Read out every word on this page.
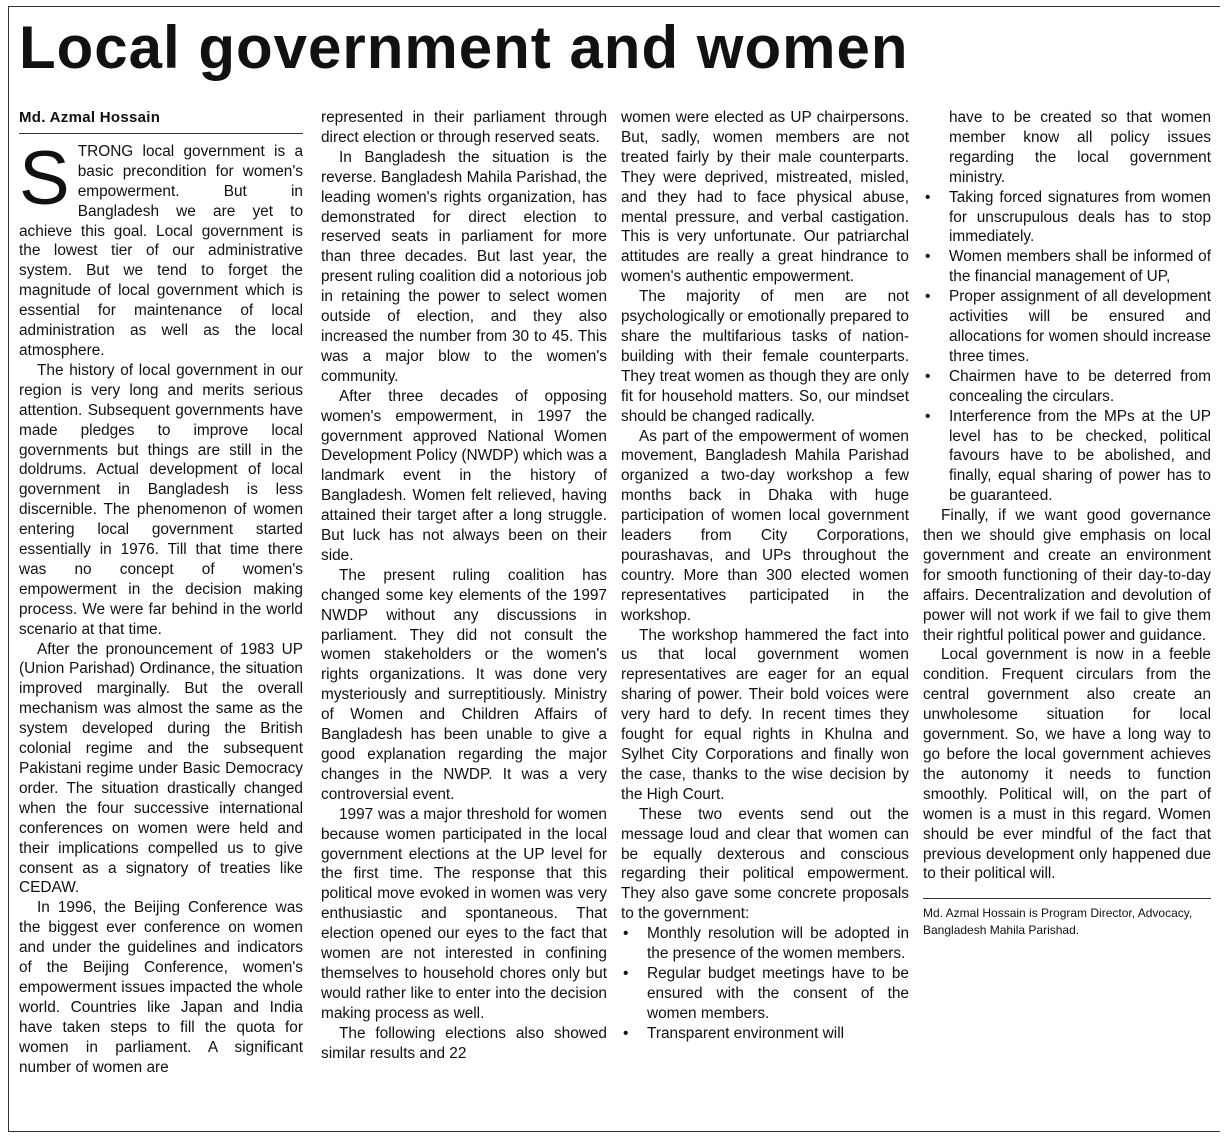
Local government and women
Md. Azmal Hossain

STRONG local government is a basic precondition for women's empowerment. But in Bangladesh we are yet to achieve this goal. Local government is the lowest tier of our administrative system. But we tend to forget the magnitude of local government which is essential for maintenance of local administration as well as the local atmosphere.

The history of local government in our region is very long and merits serious attention. Subsequent governments have made pledges to improve local governments but things are still in the doldrums. Actual development of local government in Bangladesh is less discernible. The phenomenon of women entering local government started essentially in 1976. Till that time there was no concept of women's empowerment in the decision making process. We were far behind in the world scenario at that time.

After the pronouncement of 1983 UP (Union Parishad) Ordinance, the situation improved marginally. But the overall mechanism was almost the same as the system developed during the British colonial regime and the subsequent Pakistani regime under Basic Democracy order. The situation drastically changed when the four successive international conferences on women were held and their implications compelled us to give consent as a signatory of treaties like CEDAW.

In 1996, the Beijing Conference was the biggest ever conference on women and under the guidelines and indicators of the Beijing Conference, women's empowerment issues impacted the whole world. Countries like Japan and India have taken steps to fill the quota for women in parliament. A significant number of women are

represented in their parliament through direct election or through reserved seats.

In Bangladesh the situation is the reverse. Bangladesh Mahila Parishad, the leading women's rights organization, has demonstrated for direct election to reserved seats in parliament for more than three decades. But last year, the present ruling coalition did a notorious job in retaining the power to select women outside of election, and they also increased the number from 30 to 45. This was a major blow to the women's community.

After three decades of opposing women's empowerment, in 1997 the government approved National Women Development Policy (NWDP) which was a landmark event in the history of Bangladesh. Women felt relieved, having attained their target after a long struggle. But luck has not always been on their side.

The present ruling coalition has changed some key elements of the 1997 NWDP without any discussions in parliament. They did not consult the women stakeholders or the women's rights organizations. It was done very mysteriously and surreptitiously. Ministry of Women and Children Affairs of Bangladesh has been unable to give a good explanation regarding the major changes in the NWDP. It was a very controversial event.

1997 was a major threshold for women because women participated in the local government elections at the UP level for the first time. The response that this political move evoked in women was very enthusiastic and spontaneous. That election opened our eyes to the fact that women are not interested in confining themselves to household chores only but would rather like to enter into the decision making process as well.

The following elections also showed similar results and 22

women were elected as UP chairpersons. But, sadly, women members are not treated fairly by their male counterparts. They were deprived, mistreated, misled, and they had to face physical abuse, mental pressure, and verbal castigation. This is very unfortunate. Our patriarchal attitudes are really a great hindrance to women's authentic empowerment.

The majority of men are not psychologically or emotionally prepared to share the multifarious tasks of nation-building with their female counterparts. They treat women as though they are only fit for household matters. So, our mindset should be changed radically.

As part of the empowerment of women movement, Bangladesh Mahila Parishad organized a two-day workshop a few months back in Dhaka with huge participation of women local government leaders from City Corporations, pourashavas, and UPs throughout the country. More than 300 elected women representatives participated in the workshop.

The workshop hammered the fact into us that local government women representatives are eager for an equal sharing of power. Their bold voices were very hard to defy. In recent times they fought for equal rights in Khulna and Sylhet City Corporations and finally won the case, thanks to the wise decision by the High Court.

These two events send out the message loud and clear that women can be equally dexterous and conscious regarding their political empowerment. They also gave some concrete proposals to the government:

• Monthly resolution will be adopted in the presence of the women members.
• Regular budget meetings have to be ensured with the consent of the women members.
• Transparent environment will

have to be created so that women member know all policy issues regarding the local government ministry.

• Taking forced signatures from women for unscrupulous deals has to stop immediately.
• Women members shall be informed of the financial management of UP,
• Proper assignment of all development activities will be ensured and allocations for women should increase three times.
• Chairmen have to be deterred from concealing the circulars.
• Interference from the MPs at the UP level has to be checked, political favours have to be abolished, and finally, equal sharing of power has to be guaranteed.

Finally, if we want good governance then we should give emphasis on local government and create an environment for smooth functioning of their day-to-day affairs. Decentralization and devolution of power will not work if we fail to give them their rightful political power and guidance.

Local government is now in a feeble condition. Frequent circulars from the central government also create an unwholesome situation for local government. So, we have a long way to go before the local government achieves the autonomy it needs to function smoothly. Political will, on the part of women is a must in this regard. Women should be ever mindful of the fact that previous development only happened due to their political will.

Md. Azmal Hossain is Program Director, Advocacy, Bangladesh Mahila Parishad.
